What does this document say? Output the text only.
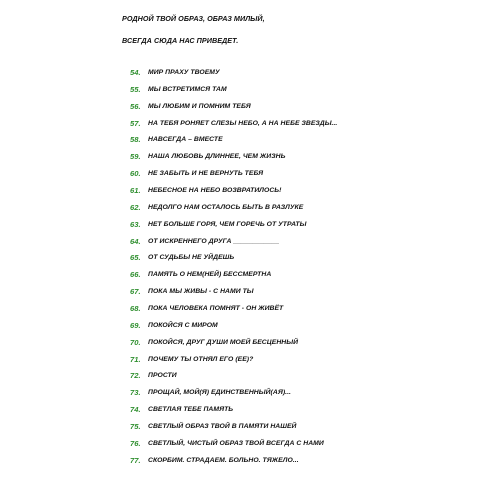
РОДНОЙ ТВОЙ ОБРАЗ, ОБРАЗ МИЛЫЙ,
ВСЕГДА СЮДА НАС ПРИВЕДЕТ.
54.	МИР ПРАХУ ТВОЕМУ
55.	МЫ ВСТРЕТИМСЯ ТАМ
56.	МЫ ЛЮБИМ И ПОМНИМ ТЕБЯ
57.	НА ТЕБЯ РОНЯЕТ СЛЕЗЫ НЕБО, А НА НЕБЕ ЗВЕЗДЫ...
58.	НАВСЕГДА – ВМЕСТЕ
59.	НАША ЛЮБОВЬ ДЛИННЕЕ, ЧЕМ ЖИЗНЬ
60.	НЕ ЗАБЫТЬ И НЕ ВЕРНУТЬ ТЕБЯ
61.	НЕБЕСНОЕ НА НЕБО ВОЗВРАТИЛОСЬ!
62.	НЕДОЛГО НАМ ОСТАЛОСЬ БЫТЬ В РАЗЛУКЕ
63.	НЕТ БОЛЬШЕ ГОРЯ, ЧЕМ ГОРЕЧЬ ОТ УТРАТЫ
64.	ОТ ИСКРЕННЕГО ДРУГА ____________
65.	ОТ СУДЬБЫ НЕ УЙДЕШЬ
66.	ПАМЯТЬ О НЕМ(НЕЙ) БЕССМЕРТНА
67.	ПОКА МЫ ЖИВЫ - С НАМИ ТЫ
68.	ПОКА ЧЕЛОВЕКА ПОМНЯТ - ОН ЖИВЁТ
69.	ПОКОЙСЯ С МИРОМ
70.	ПОКОЙСЯ, ДРУГ ДУШИ МОЕЙ БЕСЦЕННЫЙ
71.	ПОЧЕМУ ТЫ ОТНЯЛ ЕГО (ЕЕ)?
72.	ПРОСТИ
73.	ПРОЩАЙ, МОЙ(Я) ЕДИНСТВЕННЫЙ(АЯ)...
74.	СВЕТЛАЯ ТЕБЕ ПАМЯТЬ
75.	СВЕТЛЫЙ ОБРАЗ ТВОЙ В ПАМЯТИ НАШЕЙ
76.	СВЕТЛЫЙ, ЧИСТЫЙ ОБРАЗ ТВОЙ ВСЕГДА С НАМИ
77.	СКОРБИМ. СТРАДАЕМ. БОЛЬНО. ТЯЖЕЛО...
